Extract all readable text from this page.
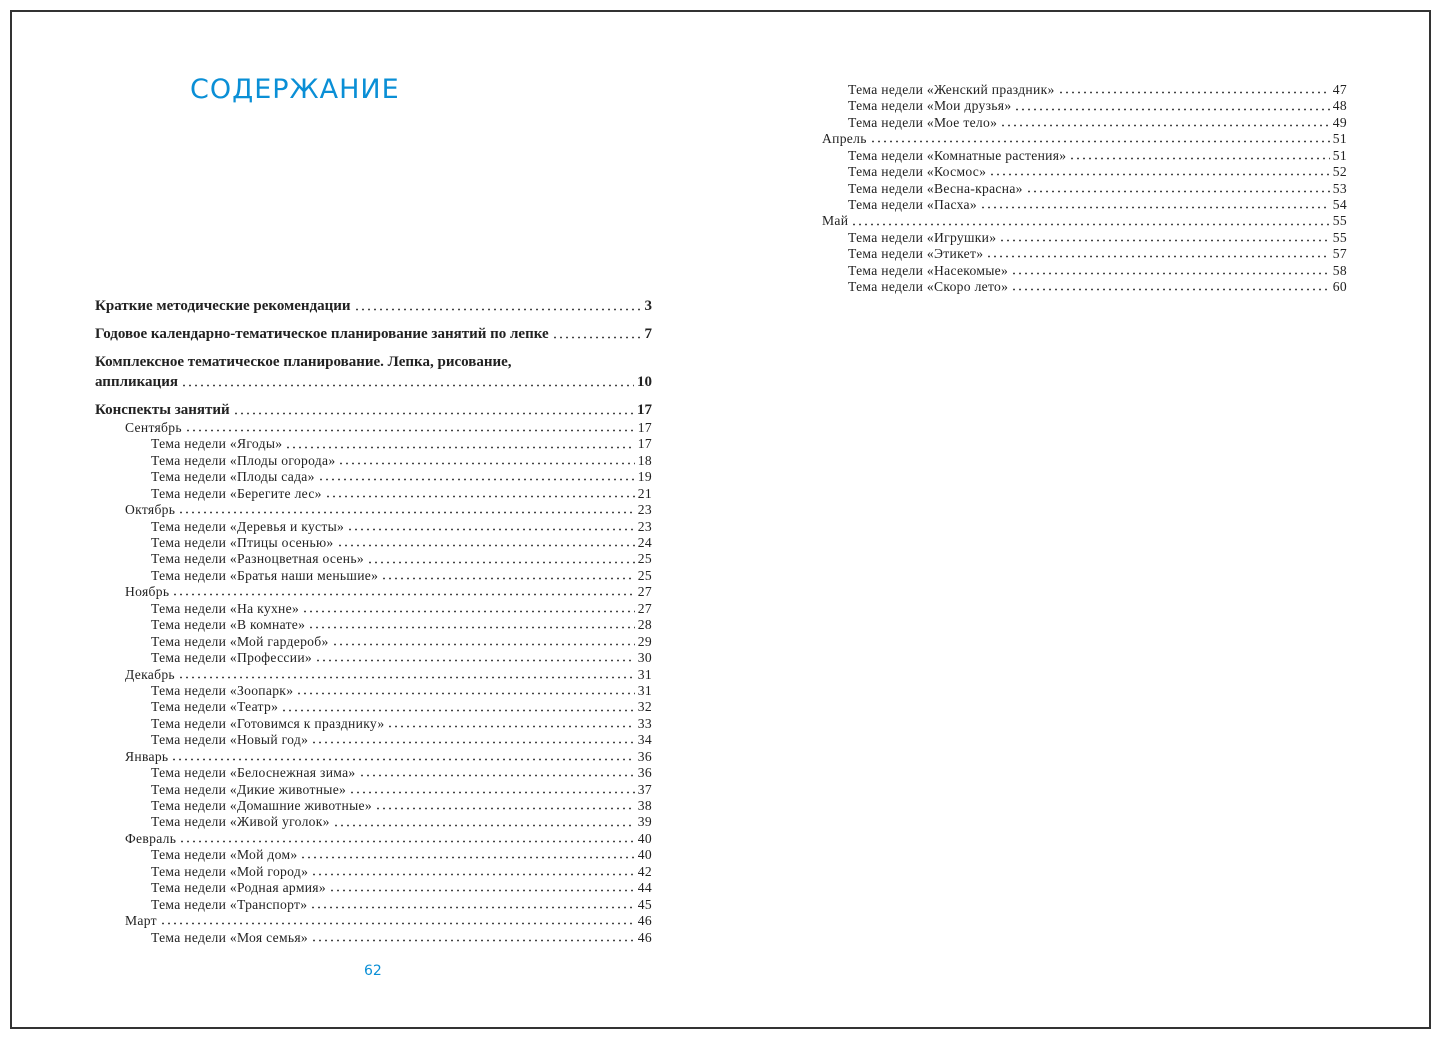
СОДЕРЖАНИЕ
Краткие методические рекомендации	3
Годовое календарно-тематическое планирование занятий по лепке	7
Комплексное тематическое планирование. Лепка, рисование,
аппликация	10
Конспекты занятий	17
Сентябрь	17
Тема недели «Ягоды»	17
Тема недели «Плоды огорода»	18
Тема недели «Плоды сада»	19
Тема недели «Берегите лес»	21
Октябрь	23
Тема недели «Деревья и кусты»	23
Тема недели «Птицы осенью»	24
Тема недели «Разноцветная осень»	25
Тема недели «Братья наши меньшие»	25
Ноябрь	27
Тема недели «На кухне»	27
Тема недели «В комнате»	28
Тема недели «Мой гардероб»	29
Тема недели «Профессии»	30
Декабрь	31
Тема недели «Зоопарк»	31
Тема недели «Театр»	32
Тема недели «Готовимся к празднику»	33
Тема недели «Новый год»	34
Январь	36
Тема недели «Белоснежная зима»	36
Тема недели «Дикие животные»	37
Тема недели «Домашние животные»	38
Тема недели «Живой уголок»	39
Февраль	40
Тема недели «Мой дом»	40
Тема недели «Мой город»	42
Тема недели «Родная армия»	44
Тема недели «Транспорт»	45
Март	46
Тема недели «Моя семья»	46
Тема недели «Женский праздник»	47
Тема недели «Мои друзья»	48
Тема недели «Мое тело»	49
Апрель	51
Тема недели «Комнатные растения»	51
Тема недели «Космос»	52
Тема недели «Весна-красна»	53
Тема недели «Пасха»	54
Май	55
Тема недели «Игрушки»	55
Тема недели «Этикет»	57
Тема недели «Насекомые»	58
Тема недели «Скоро лето»	60
62
